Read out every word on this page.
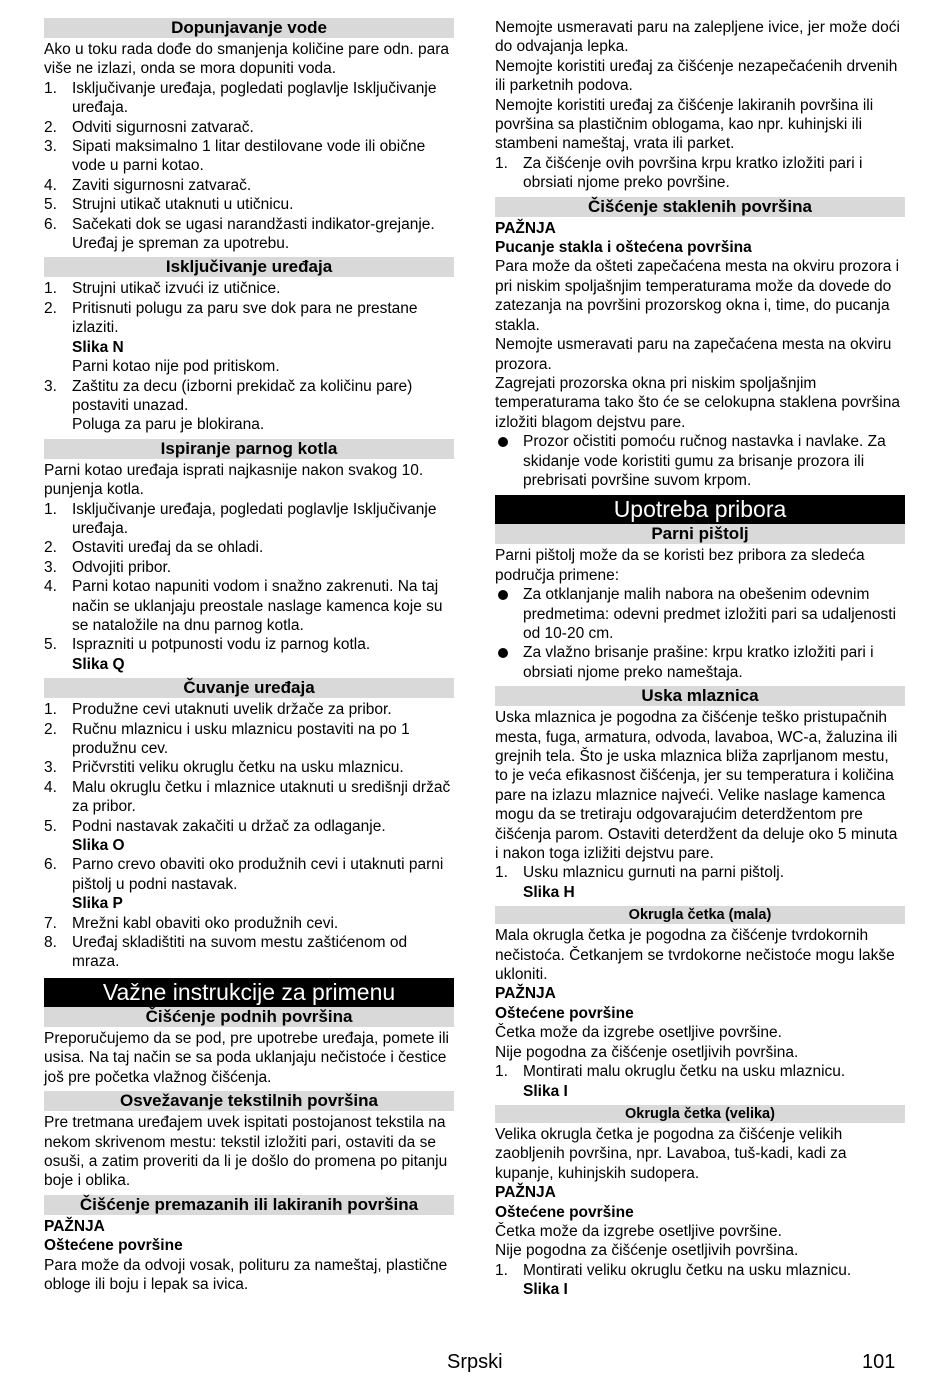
Dopunjavanje vode

Ako u toku rada dođe do smanjenja količine pare odn. para više ne izlazi, onda se mora dopuniti voda.

1. Isključivanje uređaja, pogledati poglavlje Isključivanje uređaja.
2. Odviti sigurnosni zatvarač.
3. Sipati maksimalno 1 litar destilovane vode ili obične vode u parni kotao.
4. Zaviti sigurnosni zatvarač.
5. Strujni utikač utaknuti u utičnicu.
6. Sačekati dok se ugasi narandžasti indikator-grejanje.

Uređaj je spreman za upotrebu.

Isključivanje uređaja
1. Strujni utikač izvući iz utičnice.
2. Pritisnuti polugu za paru sve dok para ne prestane izlaziti.

Slika N

Parni kotao nije pod pritiskom.

3. Zaštitu za decu (izborni prekidač za količinu pare) postaviti unazad.

Poluga za paru je blokirana.

Ispiranje parnog kotla

Parni kotao uređaja isprati najkasnije nakon svakog 10. punjenja kotla.

1. Isključivanje uređaja, pogledati poglavlje Isključivanje uređaja.
2. Ostaviti uređaj da se ohladi.
3. Odvojiti pribor.
4. Parni kotao napuniti vodom i snažno zakrenuti. Na taj način se uklanjaju preostale naslage kamenca koje su se nataložile na dnu parnog kotla.
5. Isprazniti u potpunosti vodu iz parnog kotla.

Slika Q

Čuvanje uređaja
1. Produžne cevi utaknuti uvelik držače za pribor.
2. Ručnu mlaznicu i usku mlaznicu postaviti na po 1 produžnu cev.
3. Pričvrstiti veliku okruglu četku na usku mlaznicu.
4. Malu okruglu četku i mlaznice utaknuti u središnji držač za pribor.
5. Podni nastavak zakačiti u držač za odlaganje.

Slika O

6. Parno crevo obaviti oko produžnih cevi i utaknuti parni pištolj u podni nastavak.

Slika P

7. Mrežni kabl obaviti oko produžnih cevi.
8. Uređaj skladištiti na suvom mestu zaštićenom od mraza.
Važne instrukcije za primenu
Čišćenje podnih površina

Preporučujemo da se pod, pre upotrebe uređaja, pomete ili usisa. Na taj način se sa poda uklanjaju nečistoće i čestice još pre početka vlažnog čišćenja.

Osvežavanje tekstilnih površina

Pre tretmana uređajem uvek ispitati postojanost tekstila na nekom skrivenom mestu: tekstil izložiti pari, ostaviti da se osuši, a zatim proveriti da li je došlo do promena po pitanju boje i oblika.

Čišćenje premazanih ili lakiranih površina

PAŽNJA

Oštećene površine

Para može da odvoji vosak, polituru za nameštaj, plastične obloge ili boju i lepak sa ivica.

Nemojte usmeravati paru na zalepljene ivice, jer može doći do odvajanja lepka.

Nemojte koristiti uređaj za čišćenje nezapečaćenih drvenih ili parketnih podova.

Nemojte koristiti uređaj za čišćenje lakiranih površina ili površina sa plastičnim oblogama, kao npr. kuhinjski ili stambeni nameštaj, vrata ili parket.

1. Za čišćenje ovih površina krpu kratko izložiti pari i obrsiati njome preko površine.
Čišćenje staklenih površina

PAŽNJA

Pucanje stakla i oštećena površina

Para može da ošteti zapečaćena mesta na okviru prozora i pri niskim spoljašnjim temperaturama može da dovede do zatezanja na površini prozorskog okna i, time, do pucanja stakla.

Nemojte usmeravati paru na zapečaćena mesta na okviru prozora.

Zagrejati prozorska okna pri niskim spoljašnjim temperaturama tako što će se celokupna staklena površina izložiti blagom dejstvu pare.

Prozor očistiti pomoću ručnog nastavka i navlake. Za skidanje vode koristiti gumu za brisanje prozora ili prebrisati površine suvom krpom.
Upotreba pribora
Parni pištolj

Parni pištolj može da se koristi bez pribora za sledeća područja primene:

Za otklanjanje malih nabora na obešenim odevnim predmetima: odevni predmet izložiti pari sa udaljenosti od 10-20 cm.
Za vlažno brisanje prašine: krpu kratko izložiti pari i obrsiati njome preko nameštaja.
Uska mlaznica

Uska mlaznica je pogodna za čišćenje teško pristupačnih mesta, fuga, armatura, odvoda, lavaboa, WC-a, žaluzina ili grejnih tela. Što je uska mlaznica bliža zaprljanom mestu, to je veća efikasnost čišćenja, jer su temperatura i količina pare na izlazu mlaznice najveći. Velike naslage kamenca mogu da se tretiraju odgovarajućim deterdžentom pre čišćenja parom. Ostaviti deterdžent da deluje oko 5 minuta i nakon toga izližiti dejstvu pare.

1. Usku mlaznicu gurnuti na parni pištolj.

Slika H

Okrugla četka (mala)

Mala okrugla četka je pogodna za čišćenje tvrdokornih nečistoća. Četkanjem se tvrdokorne nečistoće mogu lakše ukloniti.

PAŽNJA

Oštećene površine

Četka može da izgrebe osetljive površine.

Nije pogodna za čišćenje osetljivih površina.

1. Montirati malu okruglu četku na usku mlaznicu.

Slika I

Okrugla četka (velika)

Velika okrugla četka je pogodna za čišćenje velikih zaobljenih površina, npr. Lavaboa, tuš-kadi, kadi za kupanje, kuhinjskih sudopera.

PAŽNJA

Oštećene površine

Četka može da izgrebe osetljive površine.

Nije pogodna za čišćenje osetljivih površina.

1. Montirati veliku okruglu četku na usku mlaznicu.

Slika I

Srpski	101
